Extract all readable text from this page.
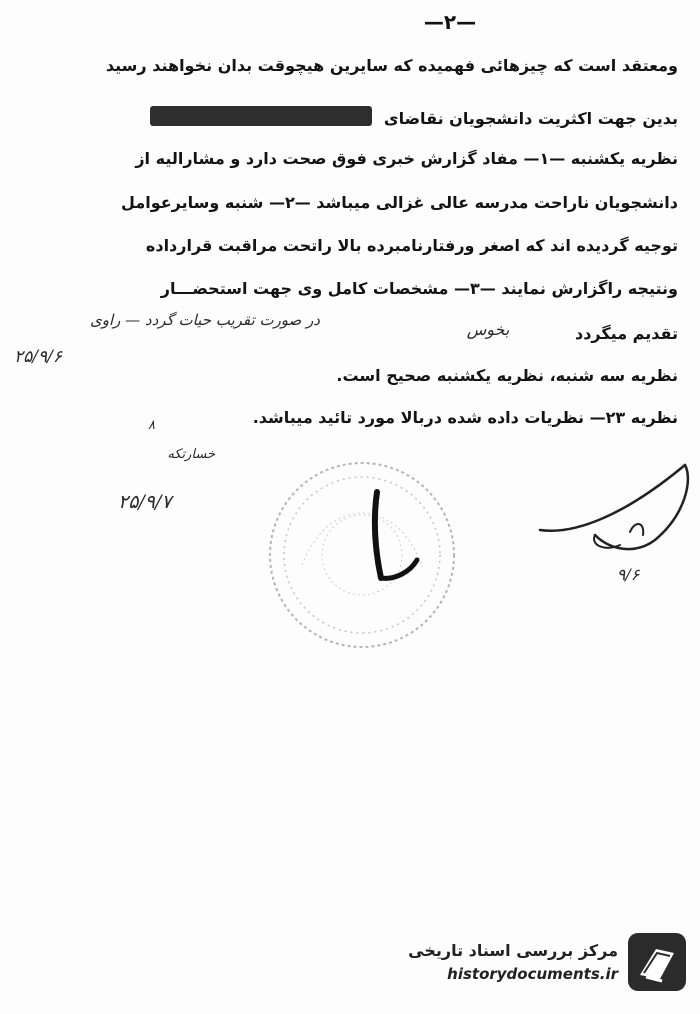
—۲—
ومعتقد است که چیزهائی فهمیده که سایرین هیچوقت بدان نخواهند رسید
بدین جهت اکثریت دانشجویان نقاضای
نظریه یکشنبه —۱— مفاد گزارش خبری فوق صحت دارد و مشارالیه از
دانشجویان ناراحت مدرسه عالی غزالی میباشد —۲— شنبه وسایرعوامل
توجیه گردیده اند که اصغر ورفتارنامبرده بالا راتحت مراقبت قرارداده
ونتیجه راگزارش نمایند —۳— مشخصات کامل وی جهت استحضـــار
تقدیم میگردد
نظریه سه شنبه، نظریه یکشنبه صحیح است.
نظریه ۲۳— نظریات داده شده دربالا مورد تائید میباشد.
در صورت تقریب حیات گردد — راوی
۲۵/۹/۶
بخوس
۸
خسارتکه
۲۵/۹/۷
۹/۶
مرکز بررسی اسناد تاریخی
historydocuments.ir
